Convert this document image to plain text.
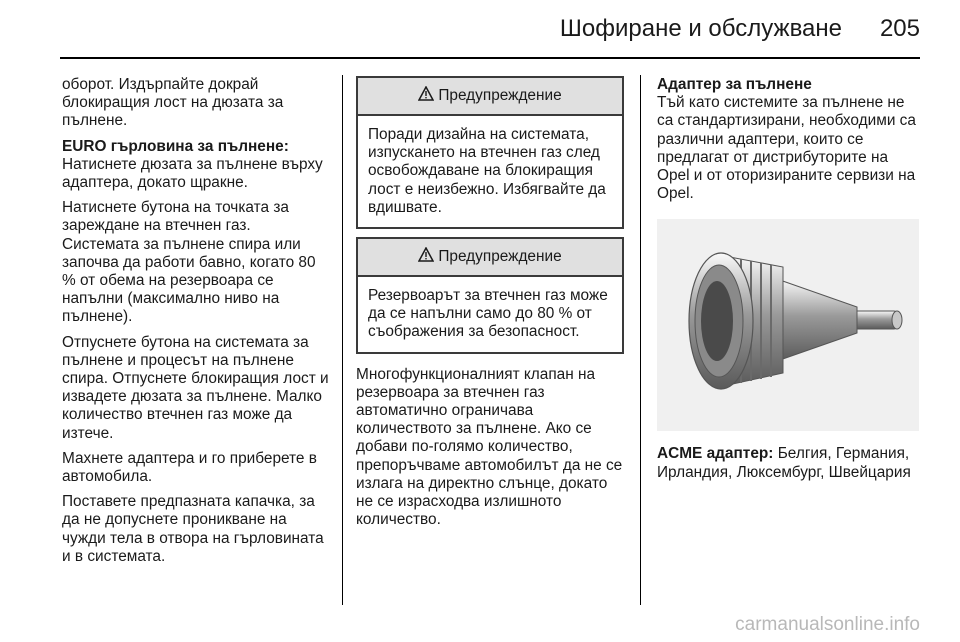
Шофиране и обслужване 205

оборот. Издърпайте докрай блокиращия лост на дюзата за пълнене.

EURO гърловина за пълнене:
Натиснете дюзата за пълнене върху адаптера, докато щракне.

Натиснете бутона на точката за зареждане на втечнен газ. Системата за пълнене спира или започва да работи бавно, когато 80 % от обема на резервоара се напълни (максимално ниво на пълнене).

Отпуснете бутона на системата за пълнене и процесът на пълнене спира. Отпуснете блокиращия лост и извадете дюзата за пълнене. Малко количество втечнен газ може да изтече.

Махнете адаптера и го приберете в автомобила.

Поставете предпазната капачка, за да не допуснете проникване на чужди тела в отвора на гърловината и в системата.

Предупреждение
Поради дизайна на системата, изпускането на втечнен газ след освобождаване на блокиращия лост е неизбежно. Избягвайте да вдишвате.
Предупреждение
Резервоарът за втечнен газ може да се напълни само до 80 % от съображения за безопасност.

Многофункционалният клапан на резервоара за втечнен газ автоматично ограничава количеството за пълнене. Ако се добави по-голямо количество, препоръчваме автомобилът да не се излага на директно слънце, докато не се израсходва излишното количество.

Адаптер за пълнене

Тъй като системите за пълнене не са стандартизирани, необходими са различни адаптери, които се предлагат от дистрибуторите на Opel и от оторизираните сервизи на Opel.

ACME адаптер: Белгия, Германия, Ирландия, Люксембург, Швейцария

carmanualsonline.info
